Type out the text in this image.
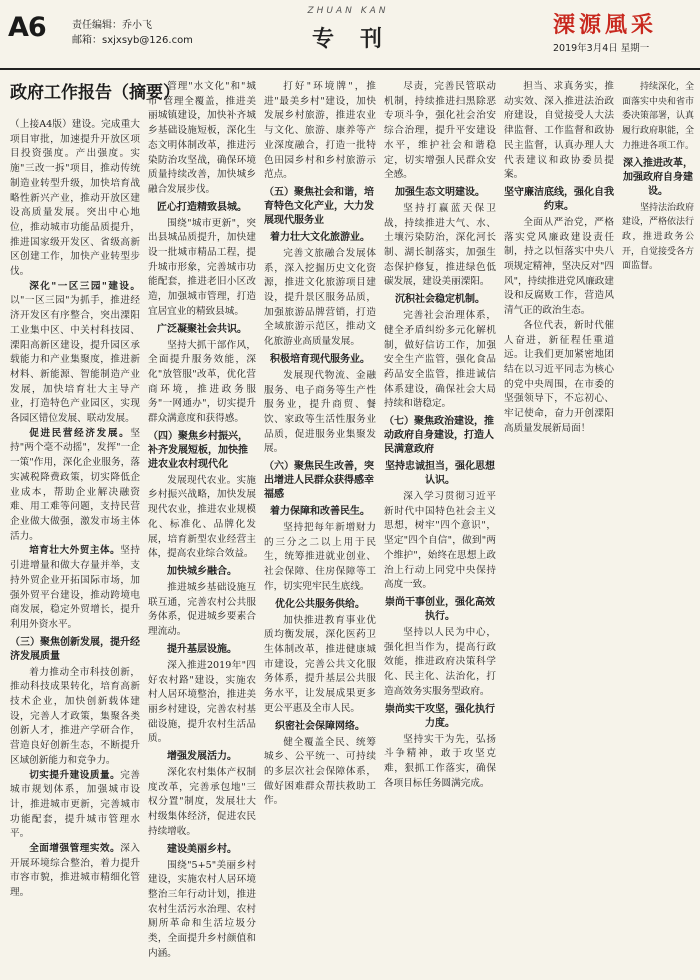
A6	责任编辑：乔小飞
邮箱：sxjxsyb@126.com
ZHUAN KAN
专刊
溧源風采
2019年3月4日 星期一
政府工作报告（摘要）

（上接A4版）建设。完成重大项目审批，加速提升开放区项目投资强度。产出强度。实施"三改一拆"项目，推动传统制造业转型升级，加快培育战略性新兴产业，推动开放区建设高质量发展。突出中心地位，推动城市功能品质提升，推进国家级开发区、省级高新区创建工作，加快产业转型步伐。

深化"一区三园"建设。以"一区三园"为抓手，推进经济开发区有序整合，突出溧阳工业集中区、中关村科技园、溧阳高新区建设，提升园区承载能力和产业集聚度，推进新材料、新能源、智能制造产业发展，加快培育壮大主导产业，打造特色产业园区，实现各园区错位发展、联动发展。

促进民营经济发展。坚持"两个毫不动摇"，发挥"一企一策"作用，深化企业服务，落实减税降费政策，切实降低企业成本，帮助企业解决融资难、用工难等问题，支持民营企业做大做强，激发市场主体活力。

培育壮大外贸主体。坚持引进增量和做大存量并举，支持外贸企业开拓国际市场，加强外贸平台建设，推动跨境电商发展，稳定外贸增长，提升利用外资水平。

（三）聚焦创新发展，提升经济发展质量

着力推动全市科技创新，推动科技成果转化，培育高新技术企业，加快创新载体建设，完善人才政策，集聚各类创新人才，推进产学研合作，营造良好创新生态，不断提升区域创新能力和竞争力。

切实提升建设质量。完善城市规划体系，加强城市设计，推进城市更新，完善城市功能配套，提升城市管理水平。

全面增强管理实效。深入开展环境综合整治，着力提升市容市貌，推进城市精细化管理。

管理"水文化"和"城市"管理全覆盖，推进美丽城镇建设，加快补齐城乡基础设施短板，深化生态文明体制改革，推进污染防治攻坚战，确保环境质量持续改善，加快城乡融合发展步伐。

匠心打造精致县城。

围绕"城市更新"，突出县城品质提升，加快建设一批城市精品工程，提升城市形象，完善城市功能配套，推进老旧小区改造，加强城市管理，打造宜居宜业的精致县城。

广泛凝聚社会共识。

坚持大抓干部作风，全面提升服务效能，深化"放管服"改革，优化营商环境，推进政务服务"一网通办"，切实提升群众满意度和获得感。

（四）聚焦乡村振兴，补齐发展短板，加快推进农业农村现代化

发展现代农业。实施乡村振兴战略，加快发展现代农业，推进农业规模化、标准化、品牌化发展，培育新型农业经营主体，提高农业综合效益。

加快城乡融合。

推进城乡基础设施互联互通，完善农村公共服务体系，促进城乡要素合理流动。

提升基层设施。

深入推进2019年"四好农村路"建设，实施农村人居环境整治，推进美丽乡村建设，完善农村基础设施，提升农村生活品质。

增强发展活力。

深化农村集体产权制度改革，完善承包地"三权分置"制度，发展壮大村级集体经济，促进农民持续增收。

建设美丽乡村。

围绕"5+5"美丽乡村建设，实施农村人居环境整治三年行动计划，推进农村生活污水治理、农村厕所革命和生活垃圾分类，全面提升乡村颜值和内涵。

打好"环境牌"，推进"最美乡村"建设，加快发展乡村旅游，推进农业与文化、旅游、康养等产业深度融合，打造一批特色田园乡村和乡村旅游示范点。

（五）聚焦社会和谐，培育特色文化产业，大力发展现代服务业
着力壮大文化旅游业。

完善文旅融合发展体系，深入挖掘历史文化资源，推进文化旅游项目建设，提升景区服务品质，加强旅游品牌营销，打造全域旅游示范区，推动文化旅游业高质量发展。

积极培育现代服务业。

发展现代物流、金融服务、电子商务等生产性服务业，提升商贸、餐饮、家政等生活性服务业品质，促进服务业集聚发展。

（六）聚焦民生改善，突出增进人民群众获得感幸福感
着力保障和改善民生。

坚持把每年新增财力的三分之二以上用于民生，统筹推进就业创业、社会保障、住房保障等工作，切实兜牢民生底线。

优化公共服务供给。

加快推进教育事业优质均衡发展，深化医药卫生体制改革，推进健康城市建设，完善公共文化服务体系，提升基层公共服务水平，让发展成果更多更公平惠及全市人民。

织密社会保障网络。

健全覆盖全民、统筹城乡、公平统一、可持续的多层次社会保障体系，做好困难群众帮扶救助工作。

尽责，完善民管联动机制，持续推进扫黑除恶专项斗争，强化社会治安综合治理，提升平安建设水平，维护社会和谐稳定，切实增强人民群众安全感。

加强生态文明建设。

坚持打赢蓝天保卫战，持续推进大气、水、土壤污染防治，深化河长制、湖长制落实，加强生态保护修复，推进绿色低碳发展，建设美丽溧阳。

沉积社会稳定机制。

完善社会治理体系，健全矛盾纠纷多元化解机制，做好信访工作，加强安全生产监管，强化食品药品安全监管，推进诚信体系建设，确保社会大局持续和谐稳定。

（七）聚焦政治建设，推动政府自身建设，打造人民满意政府
坚持忠诚担当，强化思想认识。

深入学习贯彻习近平新时代中国特色社会主义思想，树牢"四个意识"，坚定"四个自信"，做到"两个维护"，始终在思想上政治上行动上同党中央保持高度一致。

崇尚干事创业，强化高效执行。

坚持以人民为中心，强化担当作为，提高行政效能，推进政府决策科学化、民主化、法治化，打造高效务实服务型政府。

崇尚实干攻坚，强化执行力度。

坚持实干为先，弘扬斗争精神，敢于攻坚克难，狠抓工作落实，确保各项目标任务圆满完成。

担当、求真务实，推动实效、深入推进法治政府建设，自觉接受人大法律监督、工作监督和政协民主监督，认真办理人大代表建议和政协委员提案。

坚守廉洁底线，强化自我约束。

全面从严治党，严格落实党风廉政建设责任制，持之以恒落实中央八项规定精神，坚决反对"四风"，持续推进党风廉政建设和反腐败工作，营造风清气正的政治生态。

各位代表，新时代催人奋进，新征程任重道远。让我们更加紧密地团结在以习近平同志为核心的党中央周围，在市委的坚强领导下，不忘初心、牢记使命，奋力开创溧阳高质量发展新局面！

持续深化，全面落实中央和省市委决策部署，认真履行政府职能，全力推进各项工作。

深入推进改革，加强政府自身建设。

坚持法治政府建设，严格依法行政，推进政务公开，自觉接受各方面监督。
